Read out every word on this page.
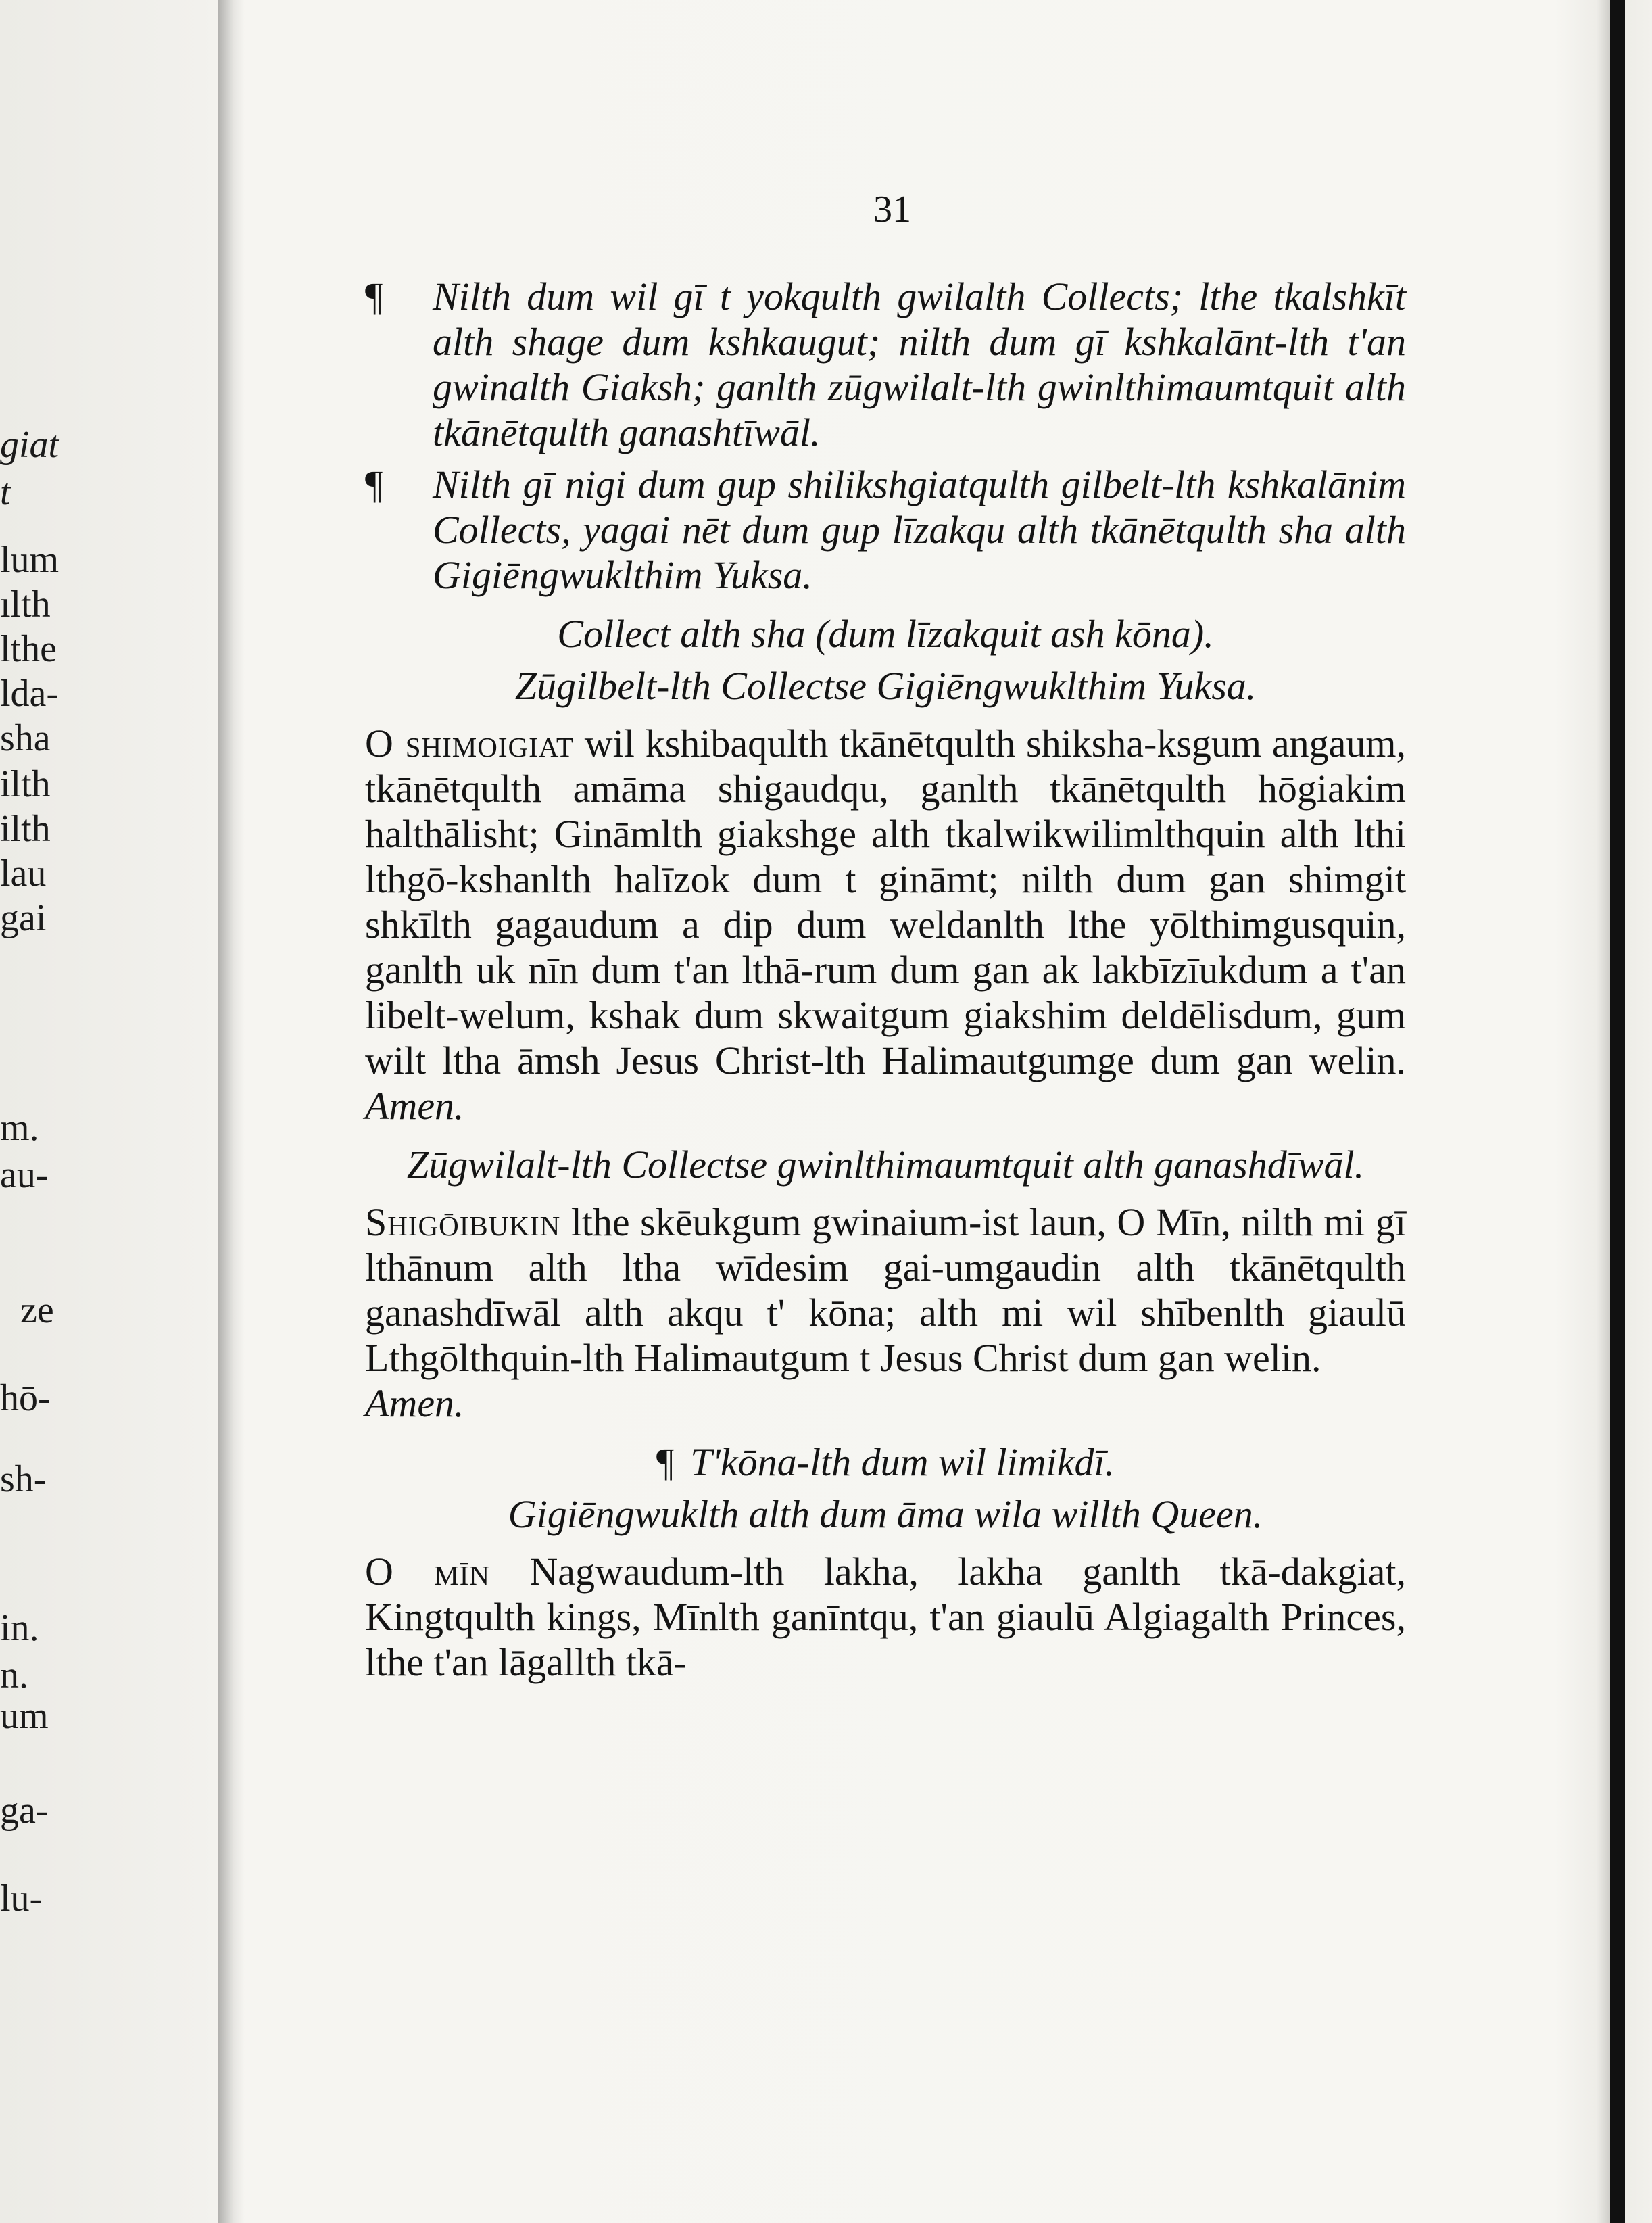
giat
t
lum
ılth
lthe
lda-
sha
ilth
ilth
lau
gai
m.
au-
ze
hō-
sh-
in.
n.
um
ga-
lu-
31

¶ Nilth dum wil gī t yokqulth gwilalth Collects; lthe tkalshkīt alth shage dum kshkaugut; nilth dum gī kshkalānt-lth t'an gwinalth Giaksh; ganlth zūgwilalt-lth gwinlthimaumtquit alth tkānētqulth ganashtīwāl.

¶ Nilth gī nigi dum gup shilikshgiatqulth gilbelt-lth kshkalānim Collects, yagai nēt dum gup līzakqu alth tkānētqulth sha alth Gigiēngwuklthim Yuksa.

Collect alth sha (dum līzakquit ash kōna).
Zūgilbelt-lth Collectse Gigiēngwuklthim Yuksa.

O shimoigiat wil kshibaqulth tkānētqulth shiksha-ksgum angaum, tkānētqulth amāma shigaudqu, ganlth tkānētqulth hōgiakim halthālisht; Gināmlth giakshge alth tkalwikwilimlthquin alth lthi lthgō-kshanlth halīzok dum t gināmt; nilth dum gan shimgit shkīlth gagaudum a dip dum weldanlth lthe yōlthimgusquin, ganlth uk nīn dum t'an lthā-rum dum gan ak lakbīzīukdum a t'an libelt-welum, kshak dum skwaitgum giakshim deldēlisdum, gum wilt ltha āmsh Jesus Christ-lth Halimautgumge dum gan welin. Amen.

Zūgwilalt-lth Collectse gwinlthimaumtquit alth ganashdīwāl.

Shigōibukin lthe skēukgum gwinaium-ist laun, O Mīn, nilth mi gī lthānum alth ltha wīdesim gai-umgaudin alth tkānētqulth ganashdīwāl alth akqu t' kōna; alth mi wil shībenlth giaulū Lthgōlthquin-lth Halimautgum t Jesus Christ dum gan welin.
Amen.

¶ T'kōna-lth dum wil limikdī.
Gigiēngwuklth alth dum āma wila willth Queen.

O mīn Nagwaudum-lth lakha, lakha ganlth tkā-dakgiat, Kingtqulth kings, Mīnlth ganīntqu, t'an giaulū Algiagalth Princes, lthe t'an lāgallth tkā-
